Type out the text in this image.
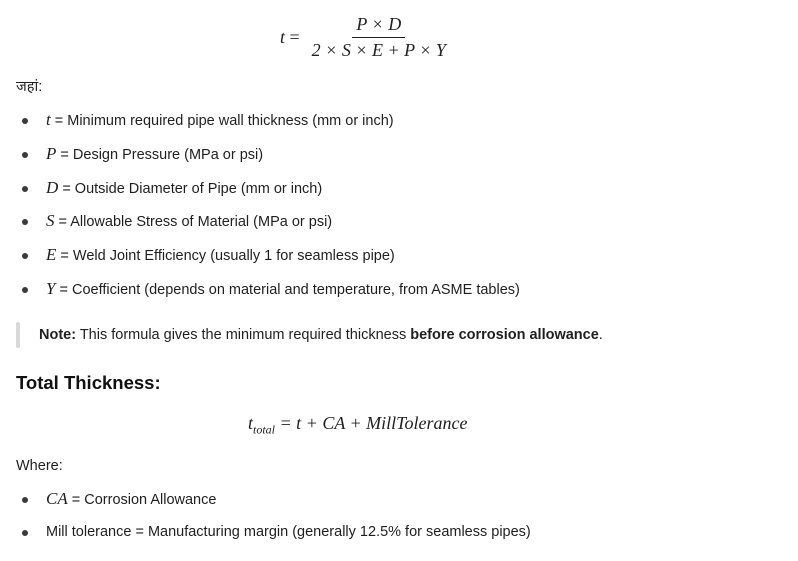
$t = \frac{P \times D}{2 \times S \times E + P \times Y}$
जहां:
t = Minimum required pipe wall thickness (mm or inch)
P = Design Pressure (MPa or psi)
D = Outside Diameter of Pipe (mm or inch)
S = Allowable Stress of Material (MPa or psi)
E = Weld Joint Efficiency (usually 1 for seamless pipe)
Y = Coefficient (depends on material and temperature, from ASME tables)
Note: This formula gives the minimum required thickness before corrosion allowance.
Total Thickness:
$t_{total} = t$ + CA + MillTolerance
Where:
CA = Corrosion Allowance
Mill tolerance = Manufacturing margin (generally 12.5% for seamless pipes)
